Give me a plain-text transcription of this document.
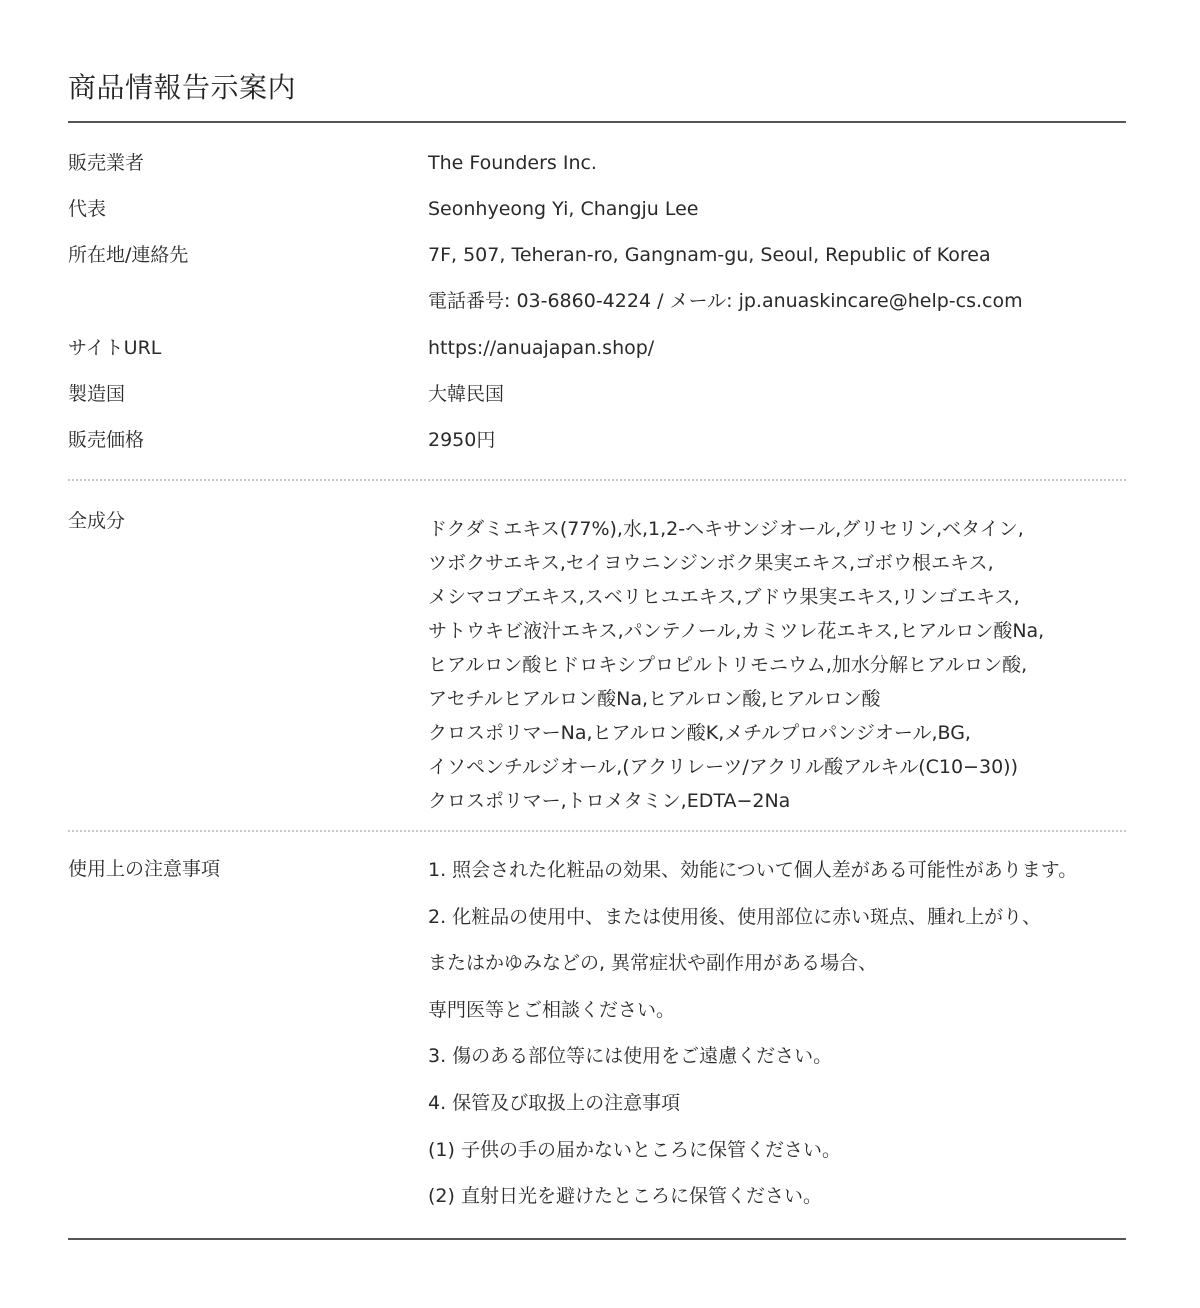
商品情報告示案内
販売業者	The Founders Inc.
代表	Seonhyeong Yi, Changju Lee
所在地/連絡先	7F, 507, Teheran-ro, Gangnam-gu, Seoul, Republic of Korea
電話番号: 03-6860-4224 / メール: jp.anuaskincare@help-cs.com
サイトURL	https://anuajapan.shop/
製造国	大韓民国
販売価格	2950円
全成分	ドクダミエキス(77%),水,1,2-ヘキサンジオール,グリセリン,ベタイン,
ツボクサエキス,セイヨウニンジンボク果実エキス,ゴボウ根エキス,
メシマコブエキス,スベリヒユエキス,ブドウ果実エキス,リンゴエキス,
サトウキビ液汁エキス,パンテノール,カミツレ花エキス,ヒアルロン酸Na,
ヒアルロン酸ヒドロキシプロピルトリモニウム,加水分解ヒアルロン酸,
アセチルヒアルロン酸Na,ヒアルロン酸,ヒアルロン酸
クロスポリマーNa,ヒアルロン酸K,メチルプロパンジオール,BG,
イソペンチルジオール,(アクリレーツ/アクリル酸アルキル(C10−30))
クロスポリマー,トロメタミン,EDTA−2Na
使用上の注意事項	1. 照会された化粧品の効果、効能について個人差がある可能性があります。
2. 化粧品の使用中、または使用後、使用部位に赤い斑点、腫れ上がり、
またはかゆみなどの, 異常症状や副作用がある場合、
専門医等とご相談ください。
3. 傷のある部位等には使用をご遠慮ください。
4. 保管及び取扱上の注意事項
(1) 子供の手の届かないところに保管ください。
(2) 直射日光を避けたところに保管ください。
